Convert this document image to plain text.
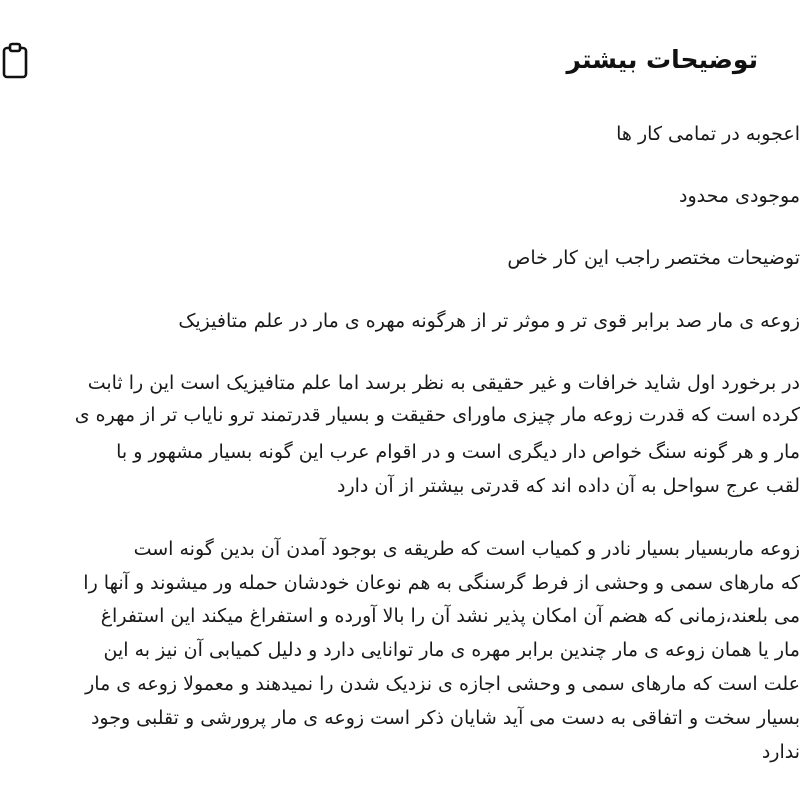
توضیحات بیشتر
اعجوبه در تمامی کار ها
موجودی محدود
توضیحات مختصر راجب این کار خاص
زوعه ی مار صد برابر قوی تر و موثر تر از هرگونه مهره ی مار در علم متافیزیک
در برخورد اول شاید خرافات و غیر حقیقی به نظر برسد اما علم متافیزیک است این را ثابت
کرده است که قدرت زوعه مار چیزی ماورای حقیقت و بسیار قدرتمند ترو نایاب تر از مهره ی
مار و هر گونه سنگ خواص دار دیگری است و در اقوام عرب این گونه بسیار مشهور و با
لقب عرج سواحل به آن داده اند که قدرتی بیشتر از آن دارد
زوعه ماربسیار بسیار نادر و کمیاب است که طریقه ی بوجود آمدن آن بدین گونه است
که مارهای سمی و وحشی از فرط گرسنگی به هم نوعان خودشان حمله ور میشوند و آنها را
می بلعند،زمانی که هضم آن امکان پذیر نشد آن را بالا آورده و استفراغ میکند این استفراغ
مار یا همان زوعه ی مار چندین برابر مهره ی مار توانایی دارد و دلیل کمیابی آن نیز به این
علت است که مارهای سمی و وحشی اجازه ی نزدیک شدن را نمیدهند و معمولا زوعه ی مار
بسیار سخت و اتفاقی به دست می آید شایان ذکر است زوعه ی مار پرورشی و تقلبی وجود
ندارد
